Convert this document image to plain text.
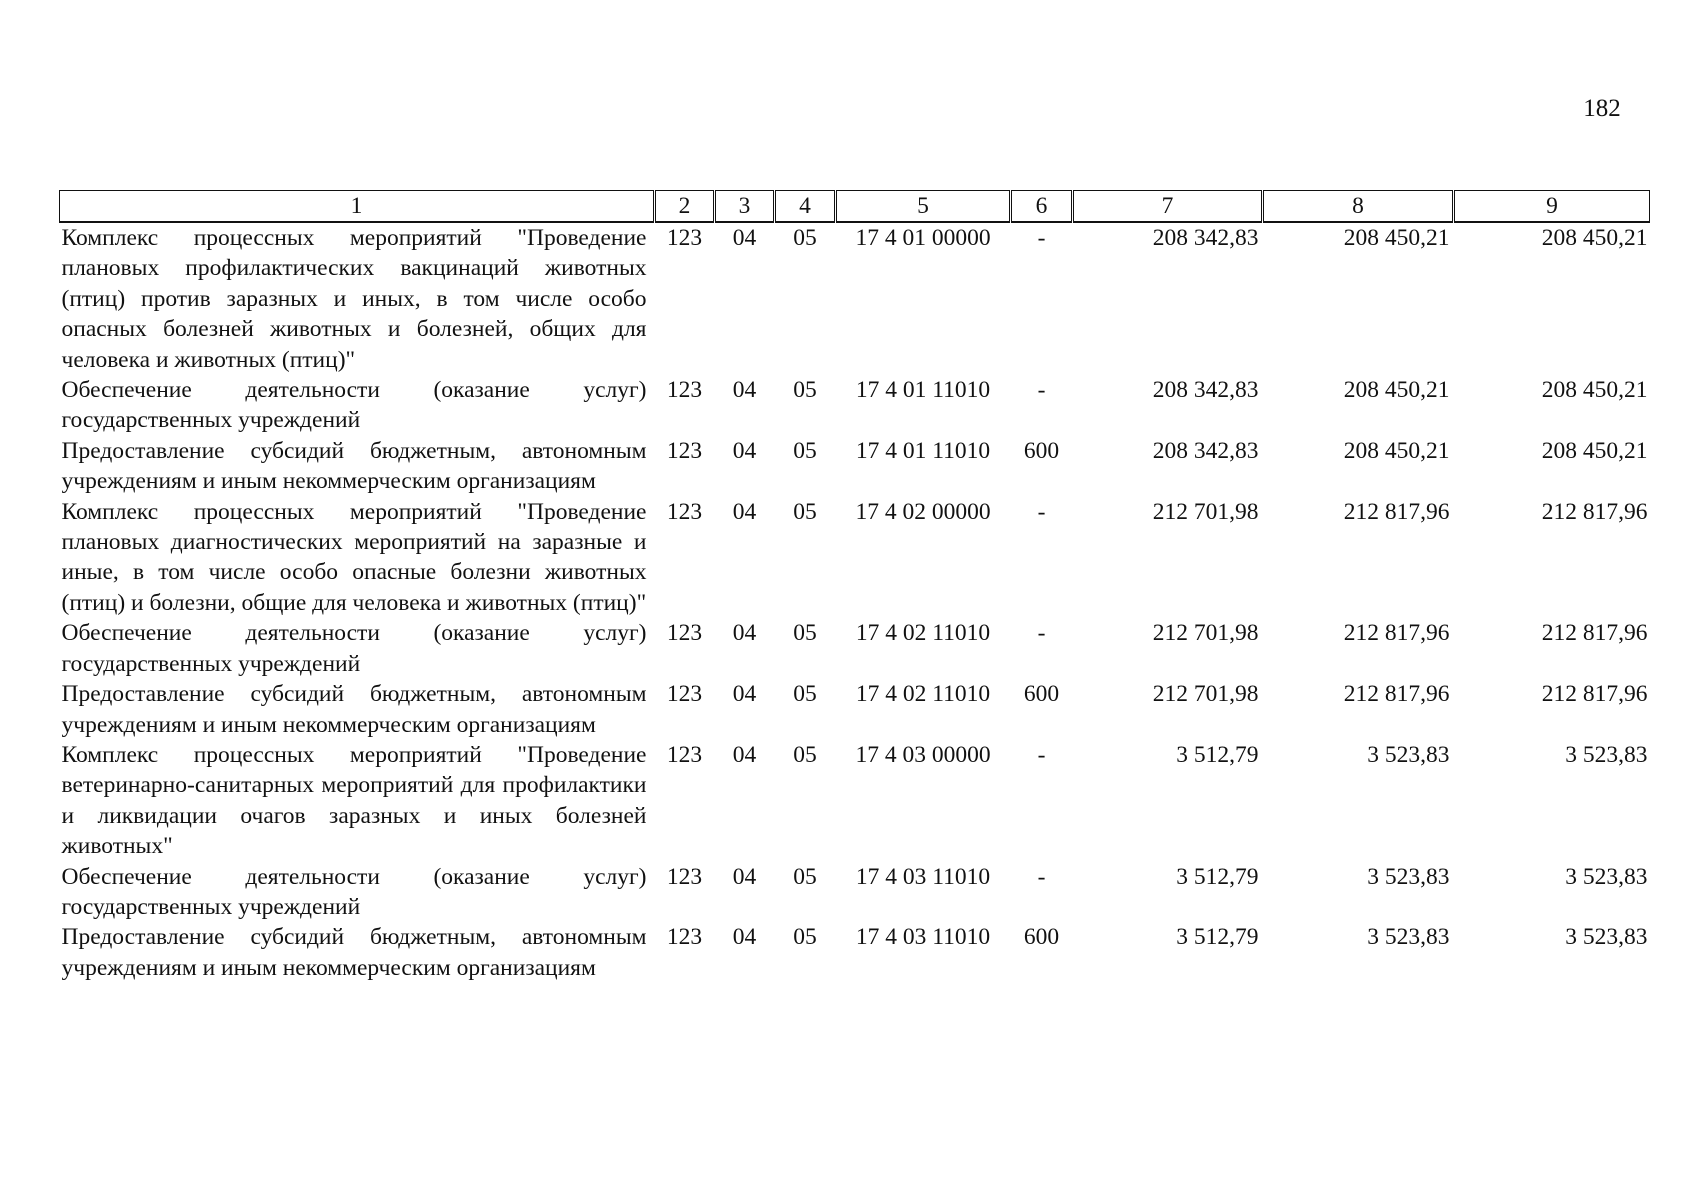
182
1	2	3	4	5	6	7	8	9
Комплекс процессных мероприятий "Проведение плановых профилактических вакцинаций животных (птиц) против заразных и иных, в том числе особо опасных болезней животных и болезней, общих для человека и животных (птиц)"	123	04	05	17 4 01 00000	-	208 342,83	208 450,21	208 450,21
Обеспечение деятельности (оказание услуг) государственных учреждений	123	04	05	17 4 01 11010	-	208 342,83	208 450,21	208 450,21
Предоставление субсидий бюджетным, автономным учреждениям и иным некоммерческим организациям	123	04	05	17 4 01 11010	600	208 342,83	208 450,21	208 450,21
Комплекс процессных мероприятий "Проведение плановых диагностических мероприятий на заразные и иные, в том числе особо опасные болезни животных (птиц) и болезни, общие для человека и животных (птиц)"	123	04	05	17 4 02 00000	-	212 701,98	212 817,96	212 817,96
Обеспечение деятельности (оказание услуг) государственных учреждений	123	04	05	17 4 02 11010	-	212 701,98	212 817,96	212 817,96
Предоставление субсидий бюджетным, автономным учреждениям и иным некоммерческим организациям	123	04	05	17 4 02 11010	600	212 701,98	212 817,96	212 817,96
Комплекс процессных мероприятий "Проведение ветеринарно-санитарных мероприятий для профилактики и ликвидации очагов заразных и иных болезней животных"	123	04	05	17 4 03 00000	-	3 512,79	3 523,83	3 523,83
Обеспечение деятельности (оказание услуг) государственных учреждений	123	04	05	17 4 03 11010	-	3 512,79	3 523,83	3 523,83
Предоставление субсидий бюджетным, автономным учреждениям и иным некоммерческим организациям	123	04	05	17 4 03 11010	600	3 512,79	3 523,83	3 523,83
